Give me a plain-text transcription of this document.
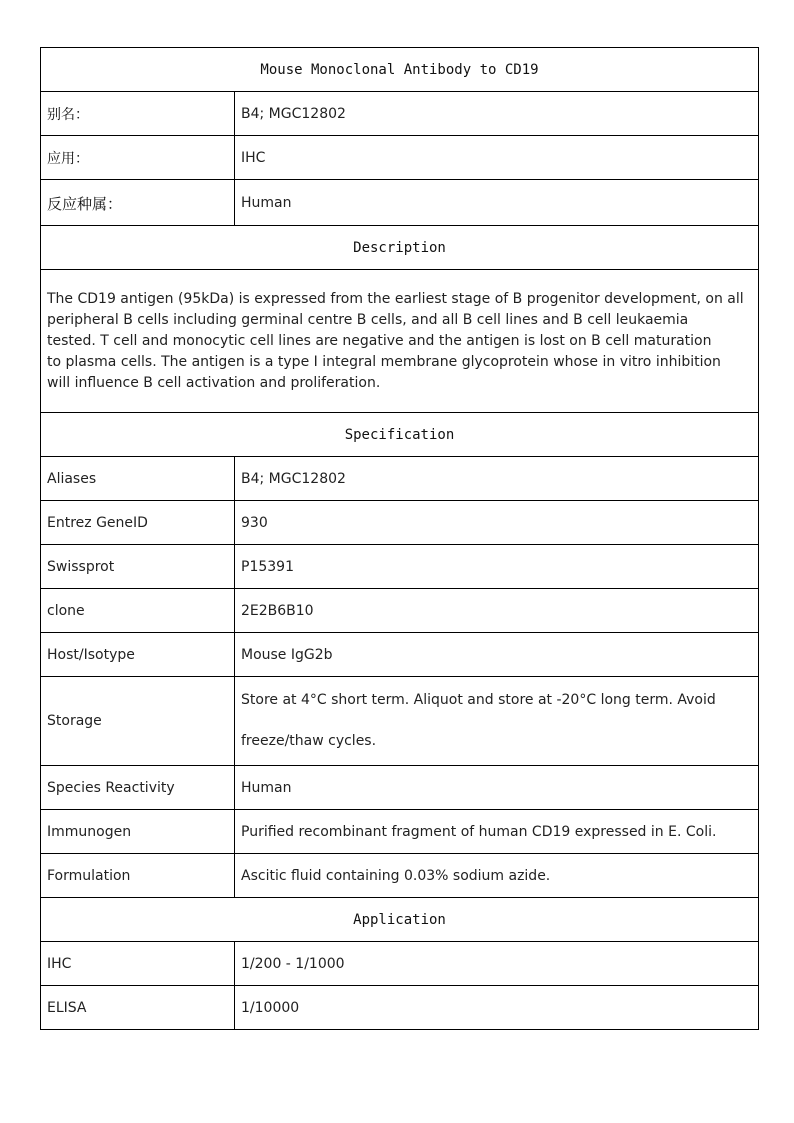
Mouse Monoclonal Antibody to CD19	
别名：	B4; MGC12802
应用：	IHC
反应种属：	Human
Description	

The CD19 antigen (95kDa) is expressed from the earliest stage of B progenitor development, on all
peripheral B cells including germinal centre B cells, and all B cell lines and B cell leukaemia
tested. T cell and monocytic cell lines are negative and the antigen is lost on B cell maturation
to plasma cells. The antigen is a type I integral membrane glycoprotein whose in vitro inhibition
will influence B cell activation and proliferation.	

Specification	
Aliases	B4; MGC12802
Entrez GeneID	930
Swissprot	P15391
clone	2E2B6B10
Host/Isotype	Mouse IgG2b
Storage	Store at 4°C short term. Aliquot and store at -20°C long term. Avoid freeze/thaw cycles.
Species Reactivity	Human
Immunogen	Purified recombinant fragment of human CD19 expressed in E. Coli.
Formulation	Ascitic fluid containing 0.03% sodium azide.
Application	
IHC	1/200 - 1/1000
ELISA	1/10000
